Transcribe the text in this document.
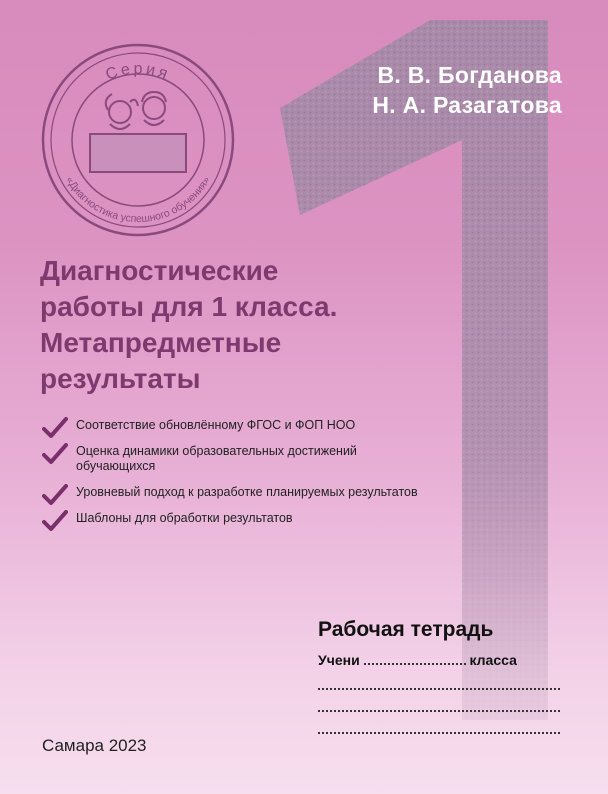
Серия
«Диагностика успешного обучения»
В. В. Богданова
Н. А. Разагатова
Диагностические
работы для 1 класса.
Метапредметные
результаты
Соответствие обновлённому ФГОС и ФОП НОО
Оценка динамики образовательных достижений обучающихся
Уровневый подход к разработке планируемых результатов
Шаблоны для обработки результатов
Рабочая тетрадь
Учени	класса
Самара 2023
